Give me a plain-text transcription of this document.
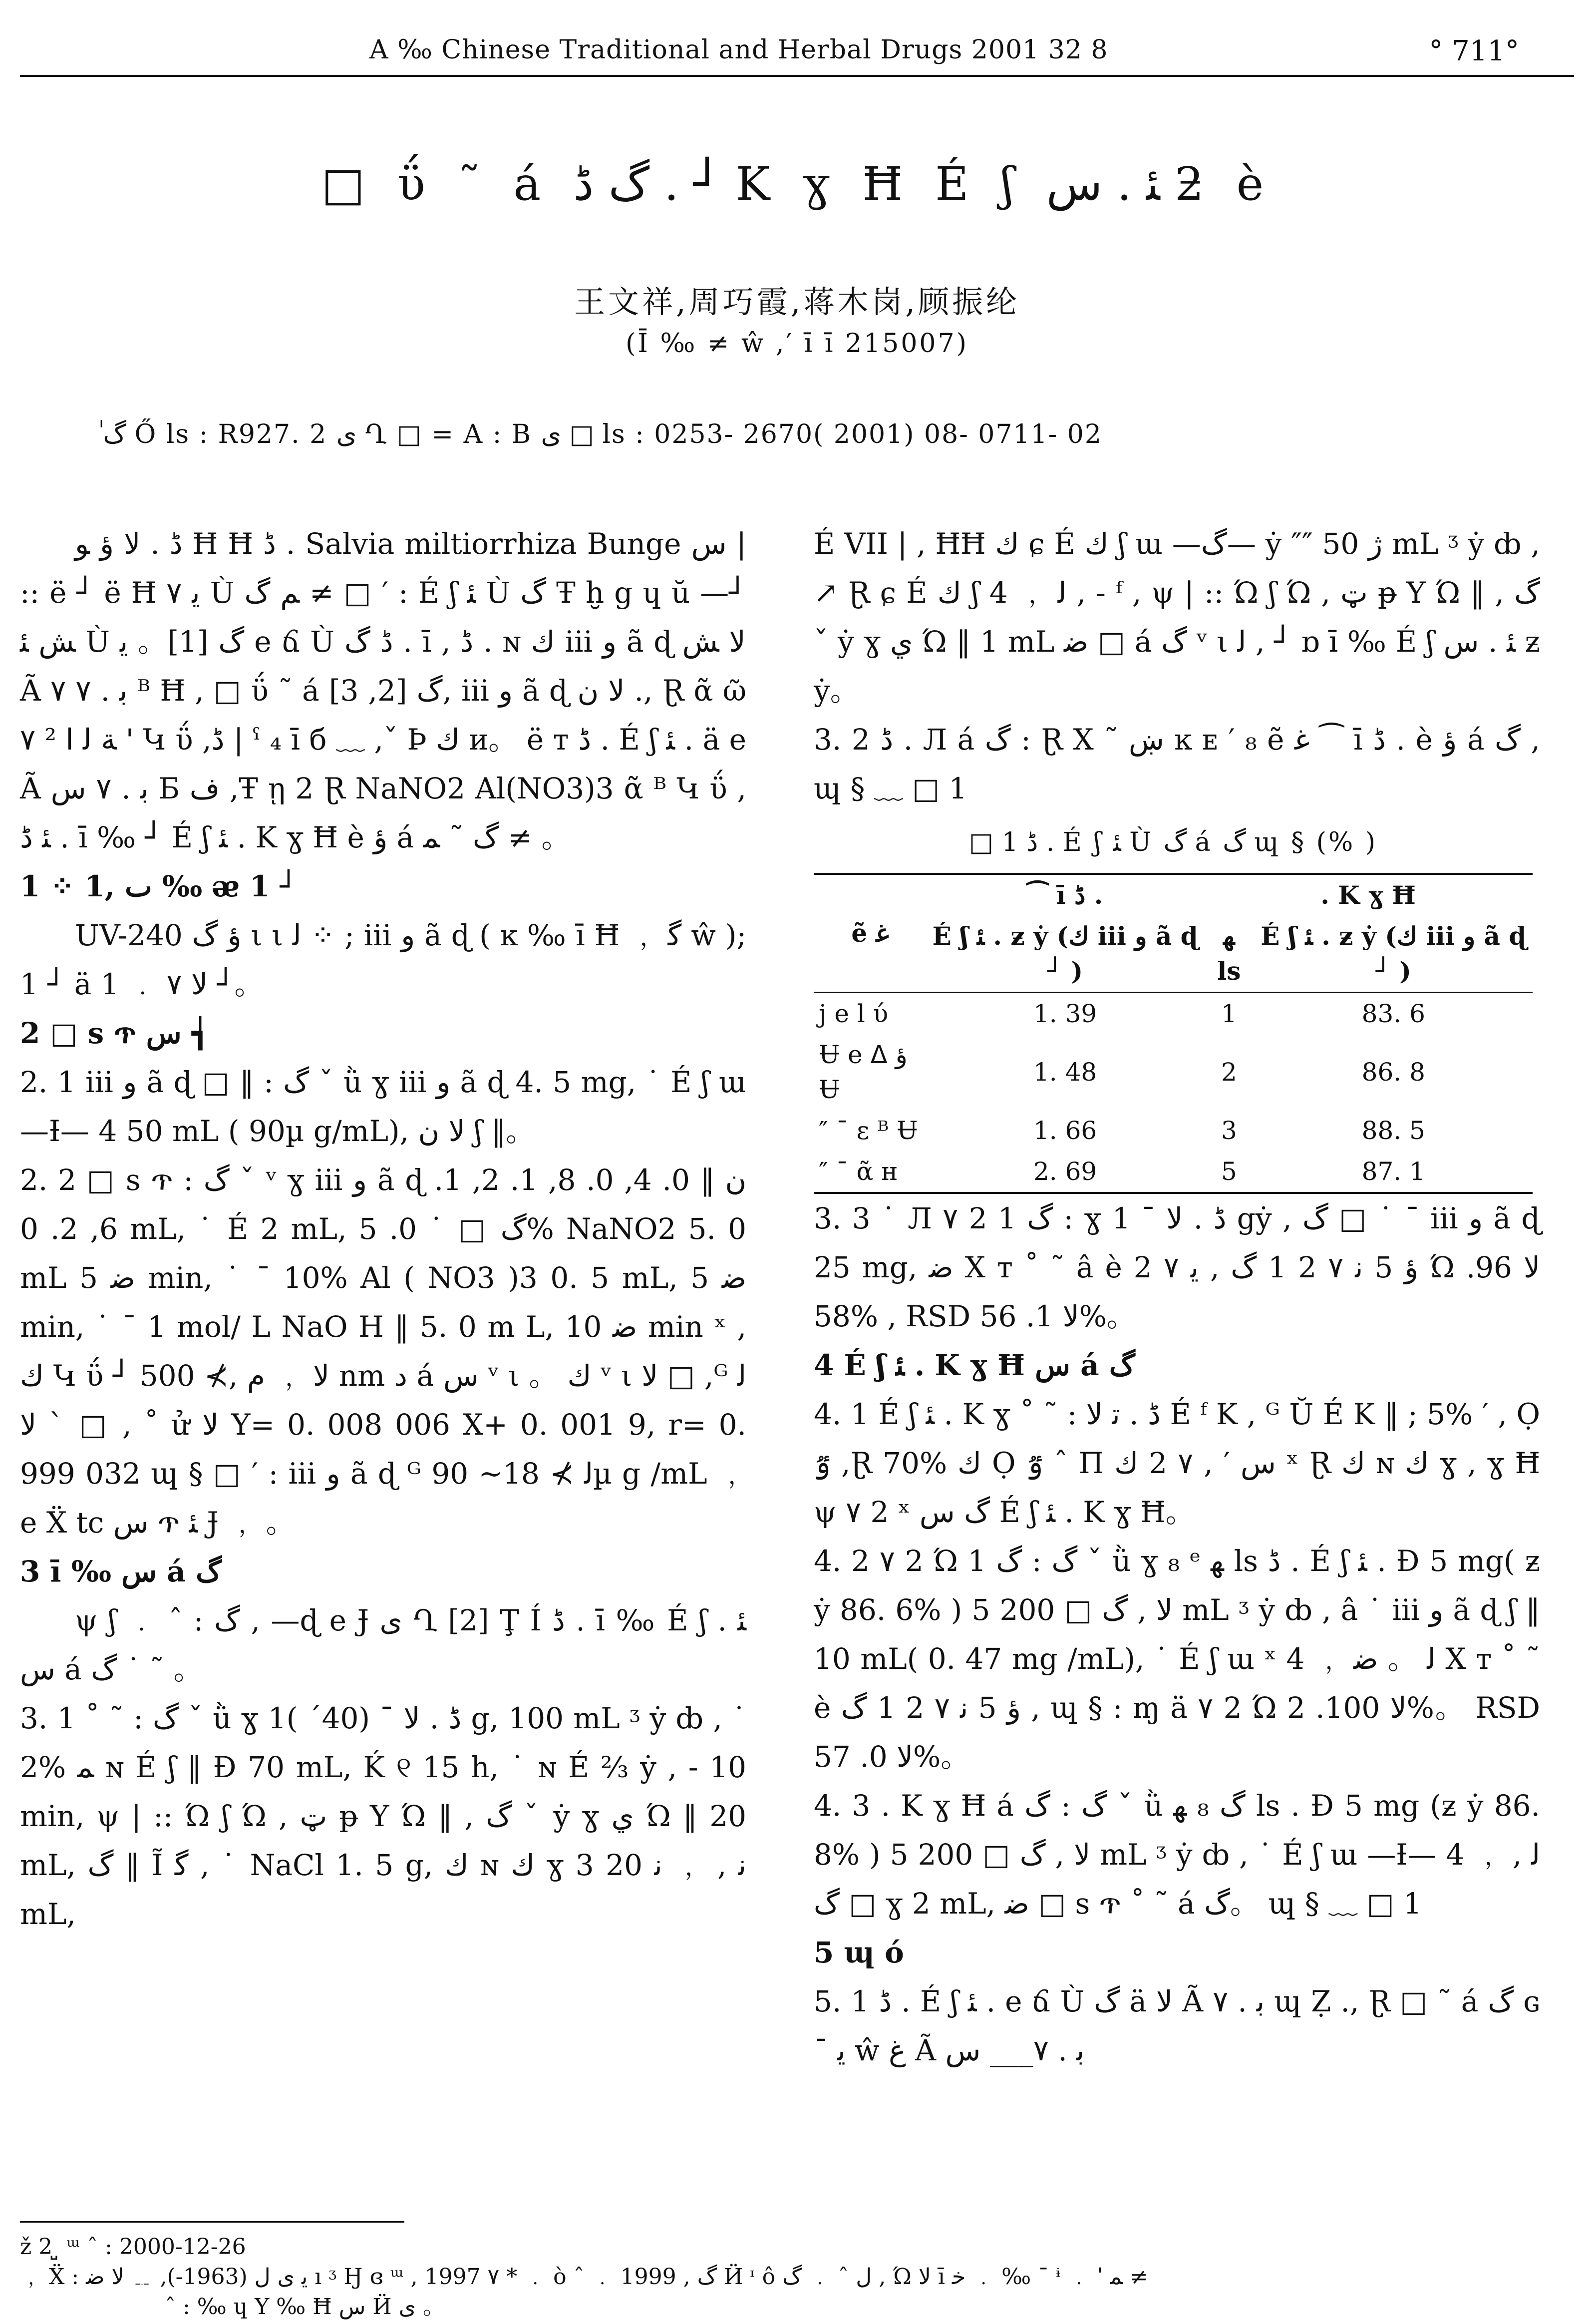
A ‰ Chinese Traditional and Herbal Drugs 2001 32 8	° 711°
□ ΰ ˜ á گ ڈ . ┘ K ɣ Ħ É ʃ ﺌ . ﺱ ƻ è
王文祥,周巧霞,蒋木岗,顾振纶
(Ī ‰ ≠ ŵ ,′ ī ī 215007)
ٰ گ Ő ls : R927. 2 ی Ղ □ = A : B ی □ ls : 0253- 2670( 2001) 08- 0711- 02

ڈ . ﻻ ﺅ ﻮ Ħ Ħ ڈ . Salvia miltiorrhiza Bunge ﺱ | :: ë ┘ ë Ħ ﻳ ۷ Ù ﻢ گ ≠ □ ′ : É ʃ ﺌ Ù گ Ŧ ḫ g ɥ ŭ —┘ ﺶ ﺌ Ù گ [1]。 ﻳ e ճ Ù ڈ گ . ī , ڈ . ɴ ﻙ iii ﻭ ã ɖ ﻻ ﺶ Ã ﺑ . ۷ ۷ ᴮ Ħ , □ ΰ ˜ á گ [2, 3], iii ﻭ ã ɖ ﻻ ﻥ ., Ɽ ᾶ ῶ ۷ ² ﺔ ﻟ ا ' Կ ΰ ,ڈ | ˤ ₄ ī б ﹏ ,ˇ Þ ﻙ и。 ë т ڈ . É ʃ ﺌ . ä e Ã ﺑ . ۷ ﺱ Б ﻑ ,Ŧ ῃ 2 Ɽ NaNO2 Al(NO3)3 ᾶ ᴮ Կ ΰ , ﺌ ڈ . ī ‰ ┘ É ʃ ﺌ . K ɣ Ħ è ﺅ á گ ˜ ﻤ ≠ 。

1 ⁘ ٮ ,1 ‰ ᴂ 1 ┘

UV-240 ﺅ گ ι ι ﻟ ⁘ ; iii ﻭ ã ɖ ( ĸ ‰ ī Ħ ﹐ ﮔ ŵ ); 1 ┘ ä ﻻ ۷ ﹒ 1 ┘。

2 □ s ጥ ﺱ ┪

2. 1 iii ﻭ ã ɖ □ ‖ : ﮒ ˇ ǜ ɣ iii ﻭ ã ɖ 4. 5 mg, ˙ É ʃ ɯ —Ɨ— 4 50 mL ( 90µ g/mL), ﻻ ﻥ ʃ ‖。

2. 2 □ s ጥ : ﮒ ˇ ᵛ ɣ iii ﻭ ã ɖ ﻥ ‖ 0. 4, 0. 8, 1. 2, 1. 6, 2. 0 mL, ˙ É 2 mL, گ □ ˙ 0. 5% NaNO2 5. 0 mL ﺿ 5 min, ˙ ˉ 10% Al ( NO3 )3 0. 5 mL, ﺿ 5 min, ˙ ˉ 1 mol/ L NaO H ‖ 5. 0 m L, ﺿ 10 min ˣ , ﻙ Կ ΰ ┘ ﻻ ﹐ ﻡ ,⊁ 500 nm ﺩ á ﺱ ᵛ ι 。 ﻙ ᵛ ι ﻻ □ ,ᴳ ﻟ ﻻ ˋ □ , ˚ ử ﻻ Y= 0. 008 006 X+ 0. 001 9, r= 0. 999 032 ɰ § □ ′ : iii ﻭ ã ɖ ᴳ ﻟ ⊁ 18~ 90µ g /mL ﹐ e Ẍ tc ﺱ ጥ ﺌ Ɉ ﹐ 。

3 ī ‰ ﺱ á گ

ψ ʃ ﹒ ˆ : گ , —ɖ e Ɉ ی Ղ [2] Ţ Í ڈ . ī ‰ É ʃ ﺌ . ﺱ á گ ˙ ˜ 。

3. 1 ˚ ˜ : ﮒ ˇ ǜ ɣ ڈ . ﻻ ˉ (40´ )1 g, 100 mL ᶾ ẏ ȸ , ˙ 2% ﻤ ɴ É ʃ ‖ Ɖ 70 mL, Ḱ ୧ 15 h, ˙ ɴ É ⅔ ẏ , - 10 min, ψ | :: Ώ ʃ Ώ , ټ ᵽ Y Ώ ‖ , ﮒ ˇ ẏ ɣ ي Ώ ‖ 20 mL, گ ‖ Ĩ ﮔ , ˙ NaCl 1. 5 g, ﻙ ɴ ﻙ ɣ 3 ﻧ , ﹐ ﻧ 20 mL,

É VII | , ĦĦ ﻙ ɕ É ﻙ ʃ ɯ —گ— ẏ ″″ ژ 50 mL ᶾ ẏ ȸ , ↗ Ɽ ɕ É ﻙ ʃ 4 ﹐ ﻟ , - ᶠ , ψ | :: Ώ ʃ Ώ , ټ ᵽ Y Ώ ‖ , ﮒ ˇ ẏ ɣ ي Ώ ‖ 1 mL ﺿ □ á گ ᵛ ι ﻟ , ┘ ɒ ī ‰ É ʃ ﺌ . ﺱ ƶ ẏ。

3. 2 ڈ . Л á گ : Ɽ Χ ˜ ښ ĸ ᴇ ′ ₈ ẽ ﻏ ⁀ ī ڈ . è ﺅ á گ , ɰ § ﹏ □ 1

□ 1 ڈ . É ʃ ﺌ Ù گ á گ ɰ § (% )
ẽ ﻏ	⁀ ī ڈ .	. K ɣ Ħ	
	É ʃ ﺌ . ƶ ẏ (ﻙ iii ﻭ ã ɖ ┘ )	ﻬ ls	É ʃ ﺌ . ƶ ẏ (ﻙ iii ﻭ ã ɖ ┘ )
ϳ e l ύ	1. 39	1	83. 6
Ʉ e ᐃ ﺅ Ʉ	1. 48	2	86. 8
″ ˉ ε ᴮ Ʉ	1. 66	3	88. 5
″ ˉ ᾶ ʜ	2. 69	5	87. 1

3. 3 ˙ Л ۷ 2 1 گ : ɣ ڈ . ﻻ ˉ 1 gẏ , گ □ ˙ ˉ iii ﻭ ã ɖ 25 mg, ﺿ Χ т ˚ ˜ â è ﺅ 5 ﻧ ۷ 2 1 گ , ﻳ ۷ 2 Ώ ﻻ 96. 58% , RSD ﻻ 1. 56%。

4 É ʃ ﺌ . K ɣ Ħ ﺱ á گ

4. 1 É ʃ ﺌ . K ɣ ˚ ˜ : ڈ . ﺗ ﻻ É ᶠ K , ᴳ Ŭ É K ‖ ; 5% ′ , Ọ ٷ ,Ɽ 70% ﻙ Ọ ٷ ˆ Π ﺱ ′ , ۷ 2 ﻙ ˣ Ɽ ﻙ ɴ ﻙ ɣ , ɣ Ħ ψ ۷ 2 ˣ ﮒ ﺱ É ʃ ﺌ . K ɣ Ħ。

4. 2 ۷ 2 Ώ 1 گ : ﮒ ˇ ǜ ɣ ₈ ᵉ ﻬ ls ڈ . É ʃ ﺌ . Ɖ 5 mg( ƶ ẏ 86. 6% ) 5 ﻻ , گ □ 200 mL ᶾ ẏ ȸ , â ˙ iii ﻭ ã ɖ ʃ ‖ 10 mL( 0. 47 mg /mL), ˙ É ʃ ɯ ˣ 4 ﹐ ﻟ 。 ﺿ Χ т ˚ ˜ è ﺅ 5 ﻧ ۷ 2 1 گ , ɰ § : ɱ ä ۷ 2 Ώ ﻻ 100. 2%。 RSD ﻻ 0. 57%。

4. 3 . K ɣ Ħ á گ : ﮒ ˇ ǜ گ ₈ ﻬ ls . Ɖ 5 mg (ƶ ẏ 86. 8% ) 5 ﻻ , گ □ 200 mL ᶾ ẏ ȸ , ˙ É ʃ ɯ —Ɨ— 4 ﹐ ﻟ , گ □ ɣ 2 mL, ﺿ □ s ጥ ˚ ˜ á گ。 ɰ § ﹏ □ 1

5 ɰ ó

5. 1 ڈ . É ʃ ﺌ . e ճ Ù گ ä ﻻ Ã ﺑ . ۷ ɰ Ẓ ., Ɽ □ ˜ á گ ɢ ˉ ﻳ ŵ ﻍ Ã ﺑ . ۷___ ﺱ

ž 2 ̺ ᵚ ˆ : 2000-12-26
﹐ Ẍ : ﻳ ﻯ ﻝ (1963-), ﹎ ﻻ ﺿ ı ᶾ Ӈ ɞ ᵚ , 1997 ۷ * ﹒ ò ˆ ﹒ گ , 1999 Ӥ ᶦ ô ﻝ ˆ ﹒ گ , Ώ ﻻ ī ﺧ ﹒ ‰ ˉ ᶤ ﹒ ˈ ﻤ ≠
ˆ : ‰ ɥ Υ ‰ Ħ ﺱ Ӥ ی 。
